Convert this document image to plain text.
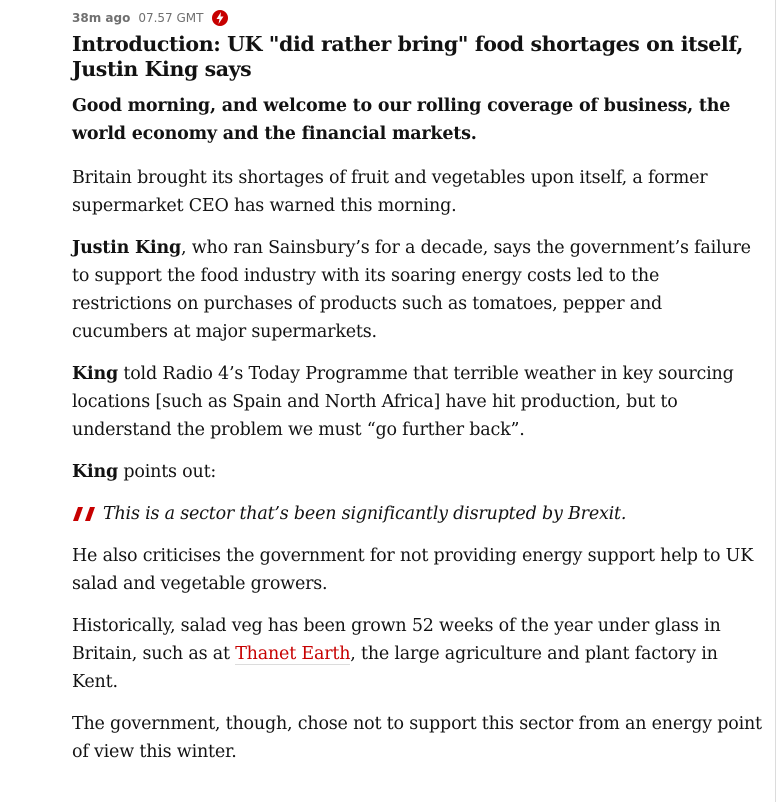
38m ago 07.57 GMT
Introduction: UK "did rather bring" food shortages on itself, Justin King says

Good morning, and welcome to our rolling coverage of business, the world economy and the financial markets.

Britain brought its shortages of fruit and vegetables upon itself, a former supermarket CEO has warned this morning.

Justin King, who ran Sainsbury’s for a decade, says the government’s failure to support the food industry with its soaring energy costs led to the restrictions on purchases of products such as tomatoes, pepper and cucumbers at major supermarkets.

King told Radio 4’s Today Programme that terrible weather in key sourcing locations [such as Spain and North Africa] have hit production, but to understand the problem we must “go further back”.

King points out:

This is a sector that’s been significantly disrupted by Brexit.

He also criticises the government for not providing energy support help to UK salad and vegetable growers.

Historically, salad veg has been grown 52 weeks of the year under glass in Britain, such as at Thanet Earth, the large agriculture and plant factory in Kent.

The government, though, chose not to support this sector from an energy point of view this winter.
